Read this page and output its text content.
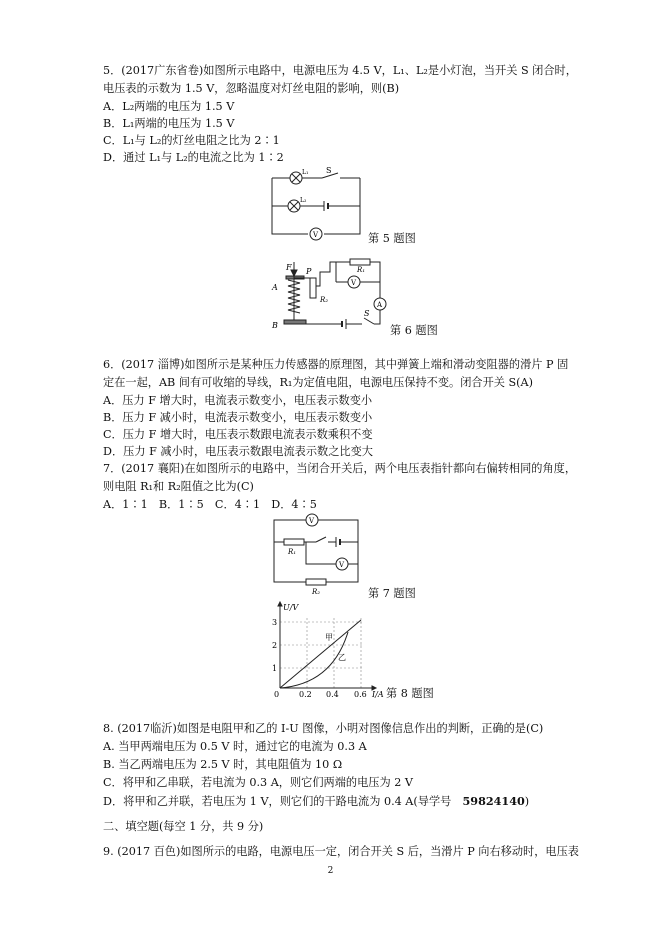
5．(2017广东省卷)如图所示电路中，电源电压为 4.5 V，L₁、L₂是小灯泡，当开关 S 闭合时，
电压表的示数为 1.5 V，忽略温度对灯丝电阻的影响，则(B)
A．L₂两端的电压为 1.5 V
B．L₁两端的电压为 1.5 V
C．L₁与 L₂的灯丝电阻之比为 2∶1
D．通过 L₁与 L₂的电流之比为 1∶2
L₁ S
L₂
V	第 5 题图
F
A
B
P
R₂
R₁
V
A
S
第 6 题图
6．(2017 淄博)如图所示是某种压力传感器的原理图，其中弹簧上端和滑动变阻器的滑片 P 固
定在一起，AB 间有可收缩的导线，R₁为定值电阻，电源电压保持不变。闭合开关 S(A)
A．压力 F 增大时，电流表示数变小，电压表示数变小
B．压力 F 减小时，电流表示数变小，电压表示数变小
C．压力 F 增大时，电压表示数跟电流表示数乘积不变
D．压力 F 减小时，电压表示数跟电流表示数之比变大
7．(2017 襄阳)在如图所示的电路中，当闭合开关后，两个电压表指针都向右偏转相同的角度，
则电阻 R₁和 R₂阻值之比为(C)
A．1∶1　B．1∶5　C．4∶1　D．4∶5
V
V
R₁
R₂	第 7 题图
U/V
I/A
0
1
2
3
0.2 0.4 0.6
甲
乙
第 8 题图
8. (2017临沂)如图是电阻甲和乙的 I-U 图像，小明对图像信息作出的判断，正确的是(C)
A. 当甲两端电压为 0.5 V 时，通过它的电流为 0.3 A
B. 当乙两端电压为 2.5 V 时，其电阻值为 10 Ω
C．将甲和乙串联，若电流为 0.3 A，则它们两端的电压为 2 V
D．将甲和乙并联，若电压为 1 V，则它们的干路电流为 0.4 A(导学号　59824140)
二、填空题(每空 1 分，共 9 分)
9. (2017 百色)如图所示的电路，电源电压一定，闭合开关 S 后，当滑片 P 向右移动时，电压表
2
